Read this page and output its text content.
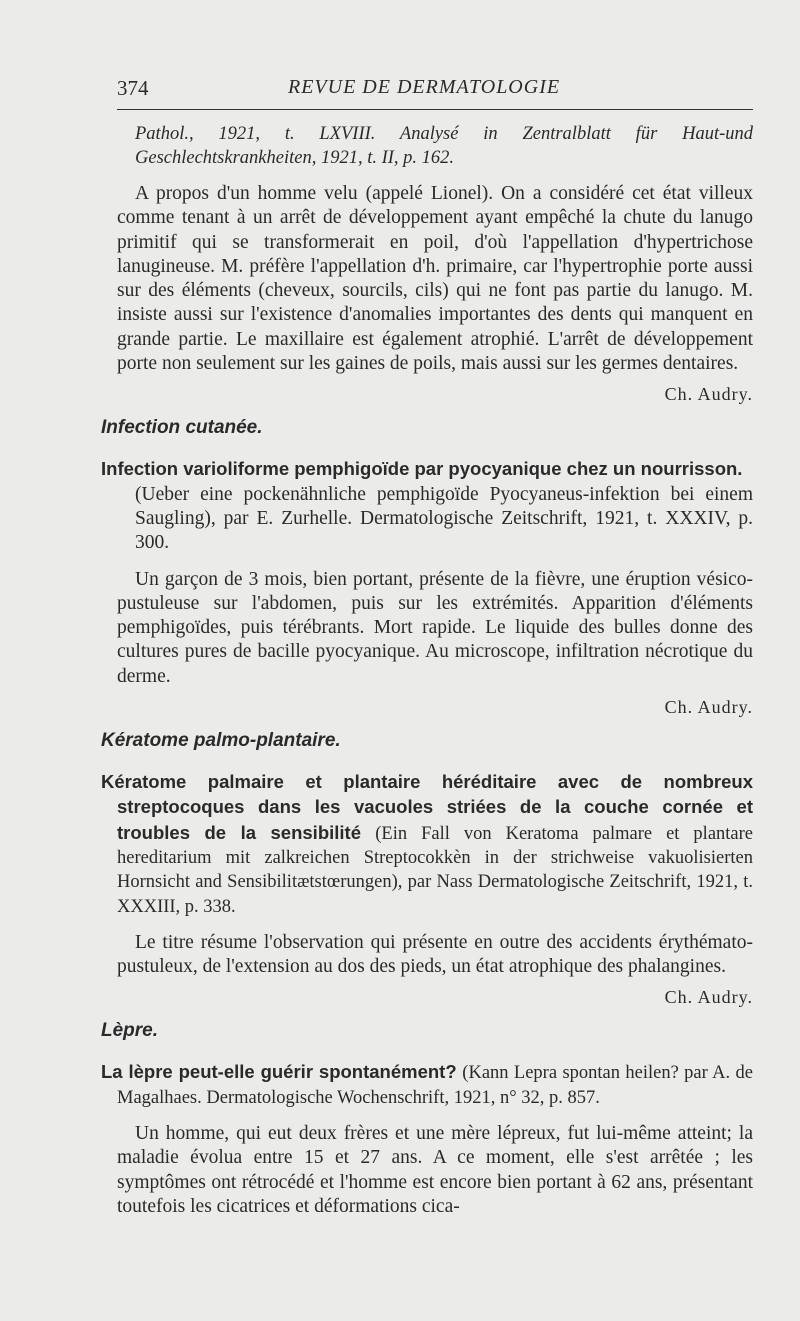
374	REVUE DE DERMATOLOGIE

Pathol., 1921, t. LXVIII. Analysé in Zentralblatt für Haut-und Geschlechtskrankheiten, 1921, t. II, p. 162.

A propos d'un homme velu (appelé Lionel). On a considéré cet état villeux comme tenant à un arrêt de développement ayant empêché la chute du lanugo primitif qui se transformerait en poil, d'où l'appellation d'hypertrichose lanugineuse. M. préfère l'appellation d'h. primaire, car l'hypertrophie porte aussi sur des éléments (cheveux, sourcils, cils) qui ne font pas partie du lanugo. M. insiste aussi sur l'existence d'anomalies importantes des dents qui manquent en grande partie. Le maxillaire est également atrophié. L'arrêt de développement porte non seulement sur les gaines de poils, mais aussi sur les germes dentaires.

Ch. Audry.

Infection cutanée.

Infection varioliforme pemphigoïde par pyocyanique chez un nourrisson.

(Ueber eine pockenähnliche pemphigoïde Pyocyaneus-infektion bei einem Saugling), par E. Zurhelle. Dermatologische Zeitschrift, 1921, t. XXXIV, p. 300.

Un garçon de 3 mois, bien portant, présente de la fièvre, une éruption vésico-pustuleuse sur l'abdomen, puis sur les extrémités. Apparition d'éléments pemphigoïdes, puis térébrants. Mort rapide. Le liquide des bulles donne des cultures pures de bacille pyocyanique. Au microscope, infiltration nécrotique du derme.

Ch. Audry.

Kératome palmo-plantaire.

Kératome palmaire et plantaire héréditaire avec de nombreux streptocoques dans les vacuoles striées de la couche cornée et troubles de la sensibilité (Ein Fall von Keratoma palmare et plantare hereditarium mit zalkreichen Streptocokkèn in der strichweise vakuolisierten Hornsicht and Sensibilitætstœrungen), par Nass Dermatologische Zeitschrift, 1921, t. XXXIII, p. 338.

Le titre résume l'observation qui présente en outre des accidents érythémato-pustuleux, de l'extension au dos des pieds, un état atrophique des phalangines.

Ch. Audry.

Lèpre.

La lèpre peut-elle guérir spontanément? (Kann Lepra spontan heilen? par A. de Magalhaes. Dermatologische Wochenschrift, 1921, n° 32, p. 857.

Un homme, qui eut deux frères et une mère lépreux, fut lui-même atteint; la maladie évolua entre 15 et 27 ans. A ce moment, elle s'est arrêtée ; les symptômes ont rétrocédé et l'homme est encore bien portant à 62 ans, présentant toutefois les cicatrices et déformations cica-
